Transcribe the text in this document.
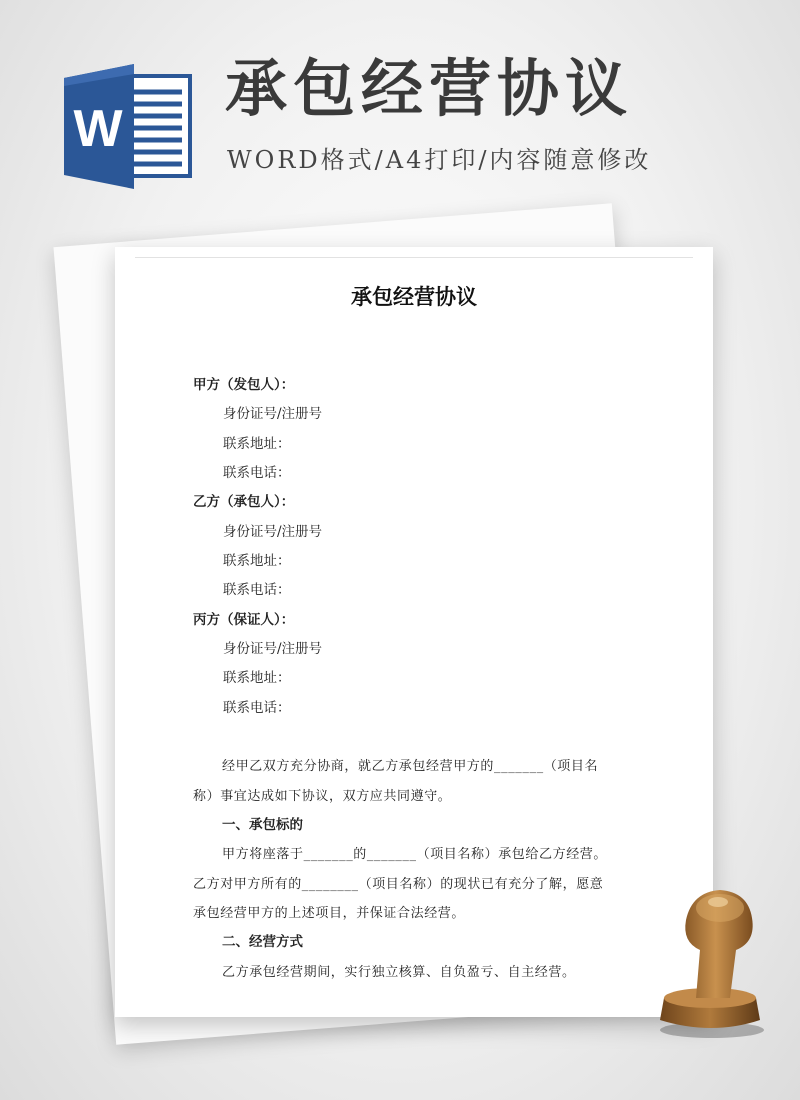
W
承包经营协议
WORD格式/A4打印/内容随意修改
承包经营协议
甲方（发包人）：
身份证号/注册号
联系地址：
联系电话：
乙方（承包人）：
身份证号/注册号
联系地址：
联系电话：
丙方（保证人）：
身份证号/注册号
联系地址：
联系电话：
经甲乙双方充分协商，就乙方承包经营甲方的_______（项目名
称）事宜达成如下协议，双方应共同遵守。
一、承包标的
甲方将座落于_______的_______（项目名称）承包给乙方经营。
乙方对甲方所有的________（项目名称）的现状已有充分了解，愿意
承包经营甲方的上述项目，并保证合法经营。
二、经营方式
乙方承包经营期间，实行独立核算、自负盈亏、自主经营。
